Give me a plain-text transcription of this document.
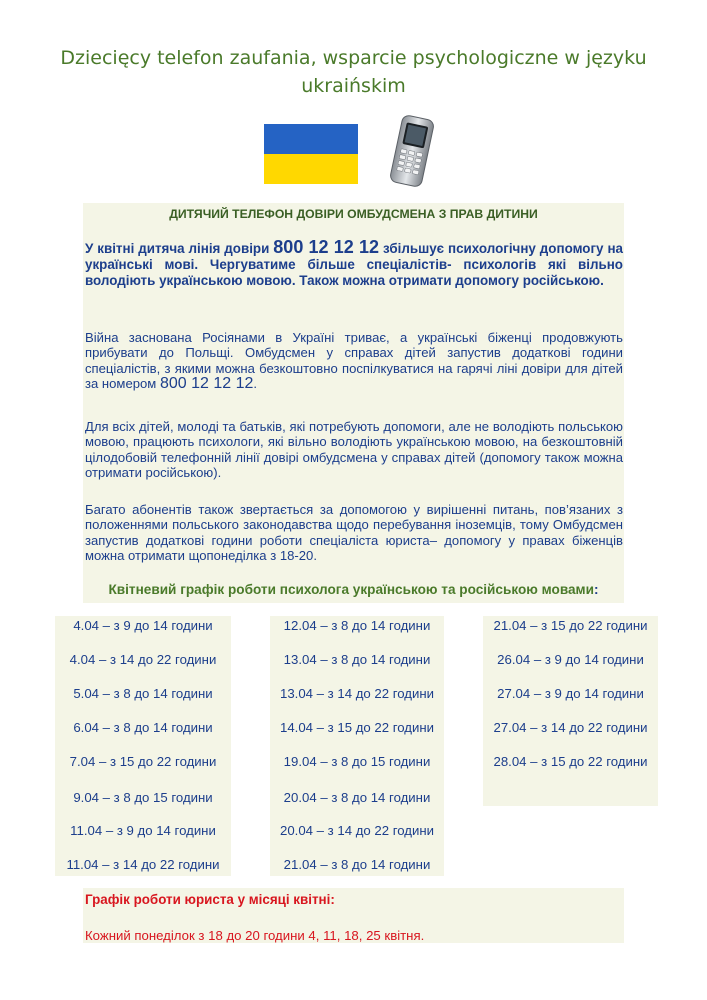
Dziecięcy telefon zaufania, wsparcie psychologiczne w języku ukraińskim
ДИТЯЧИЙ ТЕЛЕФОН ДОВІРИ ОМБУДСМЕНА З ПРАВ ДИТИНИ
У квітні дитяча лінія довіри 800 12 12 12 збільшує психологічну допомогу на українські мові. Чергуватиме більше спеціалістів- психологів які вільно володіють українською мовою. Також можна отримати допомогу російською.
Війна заснована Росіянами в Україні триває, а українські біженці продовжують прибувати до Польщі. Омбудсмен у справах дітей запустив додаткові години спеціалістів, з якими можна безкоштовно поспілкуватися на гарячі ліні довіри для дітей за номером 800 12 12 12.
Для всіх дітей, молоді та батьків, які потребують допомоги, але не володіють польською мовою, працюють психологи, які вільно володіють українською мовою, на безкоштовній цілодобовій телефонній лінії довірі омбудсмена у справах дітей (допомогу також можна отримати російською).
Багато абонентів також звертається за допомогою у вирішенні питань, пов’язаних з положеннями польського законодавства щодо перебування іноземців, тому Омбудсмен запустив додаткові години роботи спеціаліста юриста– допомогу у правах біженців можна отримати щопонеділка з 18-20.
Квітневий графік роботи психолога українською та російською мовами:
4.04 – з 9 до 14 години
4.04 – з 14 до 22 години
5.04 – з 8 до 14 години
6.04 – з 8 до 14 години
7.04 – з 15 до 22 години
9.04 – з 8 до 15 години
11.04 – з 9 до 14 години
11.04 – з 14 до 22 години
12.04 – з 8 до 14 години
13.04 – з 8 до 14 години
13.04 – з 14 до 22 години
14.04 – з 15 до 22 години
19.04 – з 8 до 15 години
20.04 – з 8 до 14 години
20.04 – з 14 до 22 години
21.04 – з 8 до 14 години
21.04 – з 15 до 22 години
26.04 – з 9 до 14 години
27.04 – з 9 до 14 години
27.04 – з 14 до 22 години
28.04 – з 15 до 22 години
Графік роботи юриста у місяці квітні:
Кожний понеділок з 18 до 20 години 4, 11, 18, 25 квітня.
